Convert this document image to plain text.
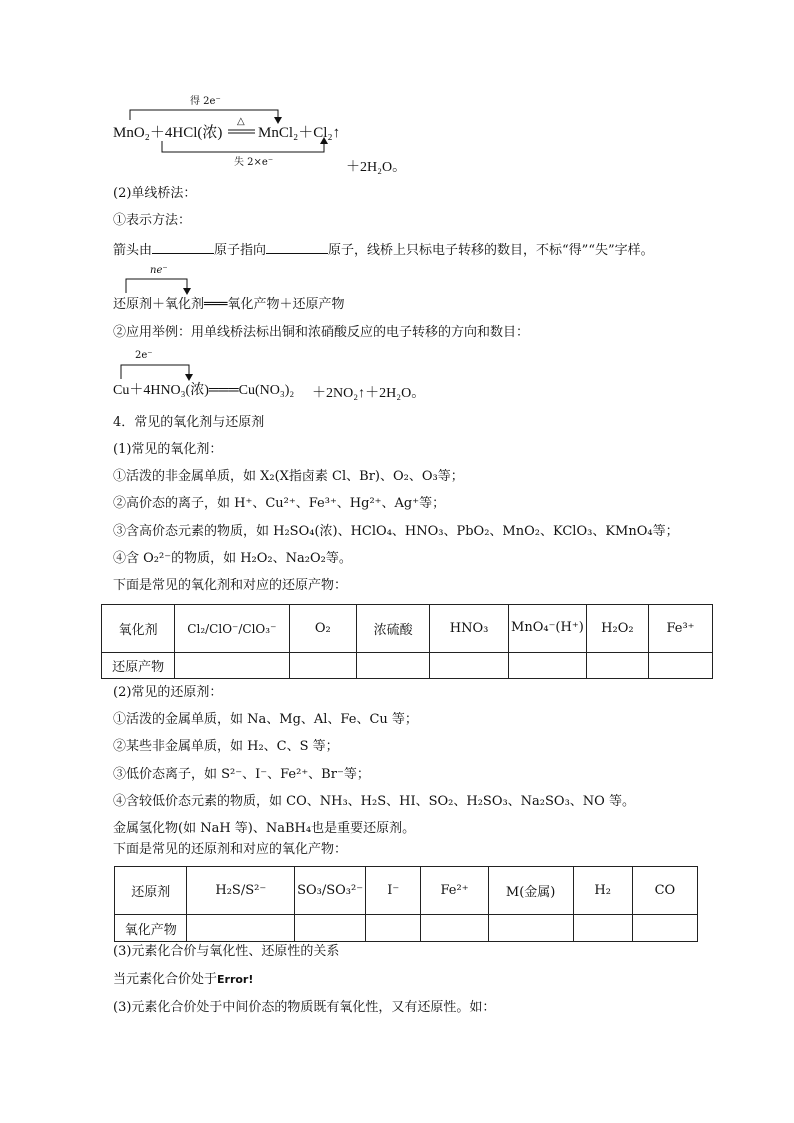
得 2e⁻
△
MnO₂＋4HCl(浓) MnCl₂＋Cl₂↑
失 2×e⁻	＋2H₂O。
(2)单线桥法：
①表示方法：
箭头由	原子指向	原子，线桥上只标电子转移的数目，不标“得”“失”字样。
ne⁻
还原剂＋氧化剂═══氧化产物＋还原产物
②应用举例：用单线桥法标出铜和浓硝酸反应的电子转移的方向和数目：
2e⁻
Cu＋4HNO₃(浓)═══Cu(NO₃)₂ ＋2NO₂↑＋2H₂O。
4．常见的氧化剂与还原剂
(1)常见的氧化剂：
①活泼的非金属单质，如 X₂(X指卤素 Cl、Br)、O₂、O₃等；
②高价态的离子，如 H⁺、Cu²⁺、Fe³⁺、Hg²⁺、Ag⁺等；
③含高价态元素的物质，如 H₂SO₄(浓)、HClO₄、HNO₃、PbO₂、MnO₂、KClO₃、KMnO₄等；
④含 O₂²⁻的物质，如 H₂O₂、Na₂O₂等。
下面是常见的氧化剂和对应的还原产物：
氧化剂	Cl₂/ClO⁻/ClO₃⁻	O₂	浓硫酸	HNO₃	MnO₄⁻(H⁺)	H₂O₂	Fe³⁺
还原产物							
(2)常见的还原剂：
①活泼的金属单质，如 Na、Mg、Al、Fe、Cu 等；
②某些非金属单质，如 H₂、C、S 等；
③低价态离子，如 S²⁻、I⁻、Fe²⁺、Br⁻等；
④含较低价态元素的物质，如 CO、NH₃、H₂S、HI、SO₂、H₂SO₃、Na₂SO₃、NO 等。
金属氢化物(如 NaH 等)、NaBH₄也是重要还原剂。
下面是常见的还原剂和对应的氧化产物：
还原剂	H₂S/S²⁻	SO₃/SO₃²⁻	I⁻	Fe²⁺	M(金属)	H₂	CO
氧化产物							
(3)元素化合价与氧化性、还原性的关系
当元素化合价处于Error!
(3)元素化合价处于中间价态的物质既有氧化性，又有还原性。如：
